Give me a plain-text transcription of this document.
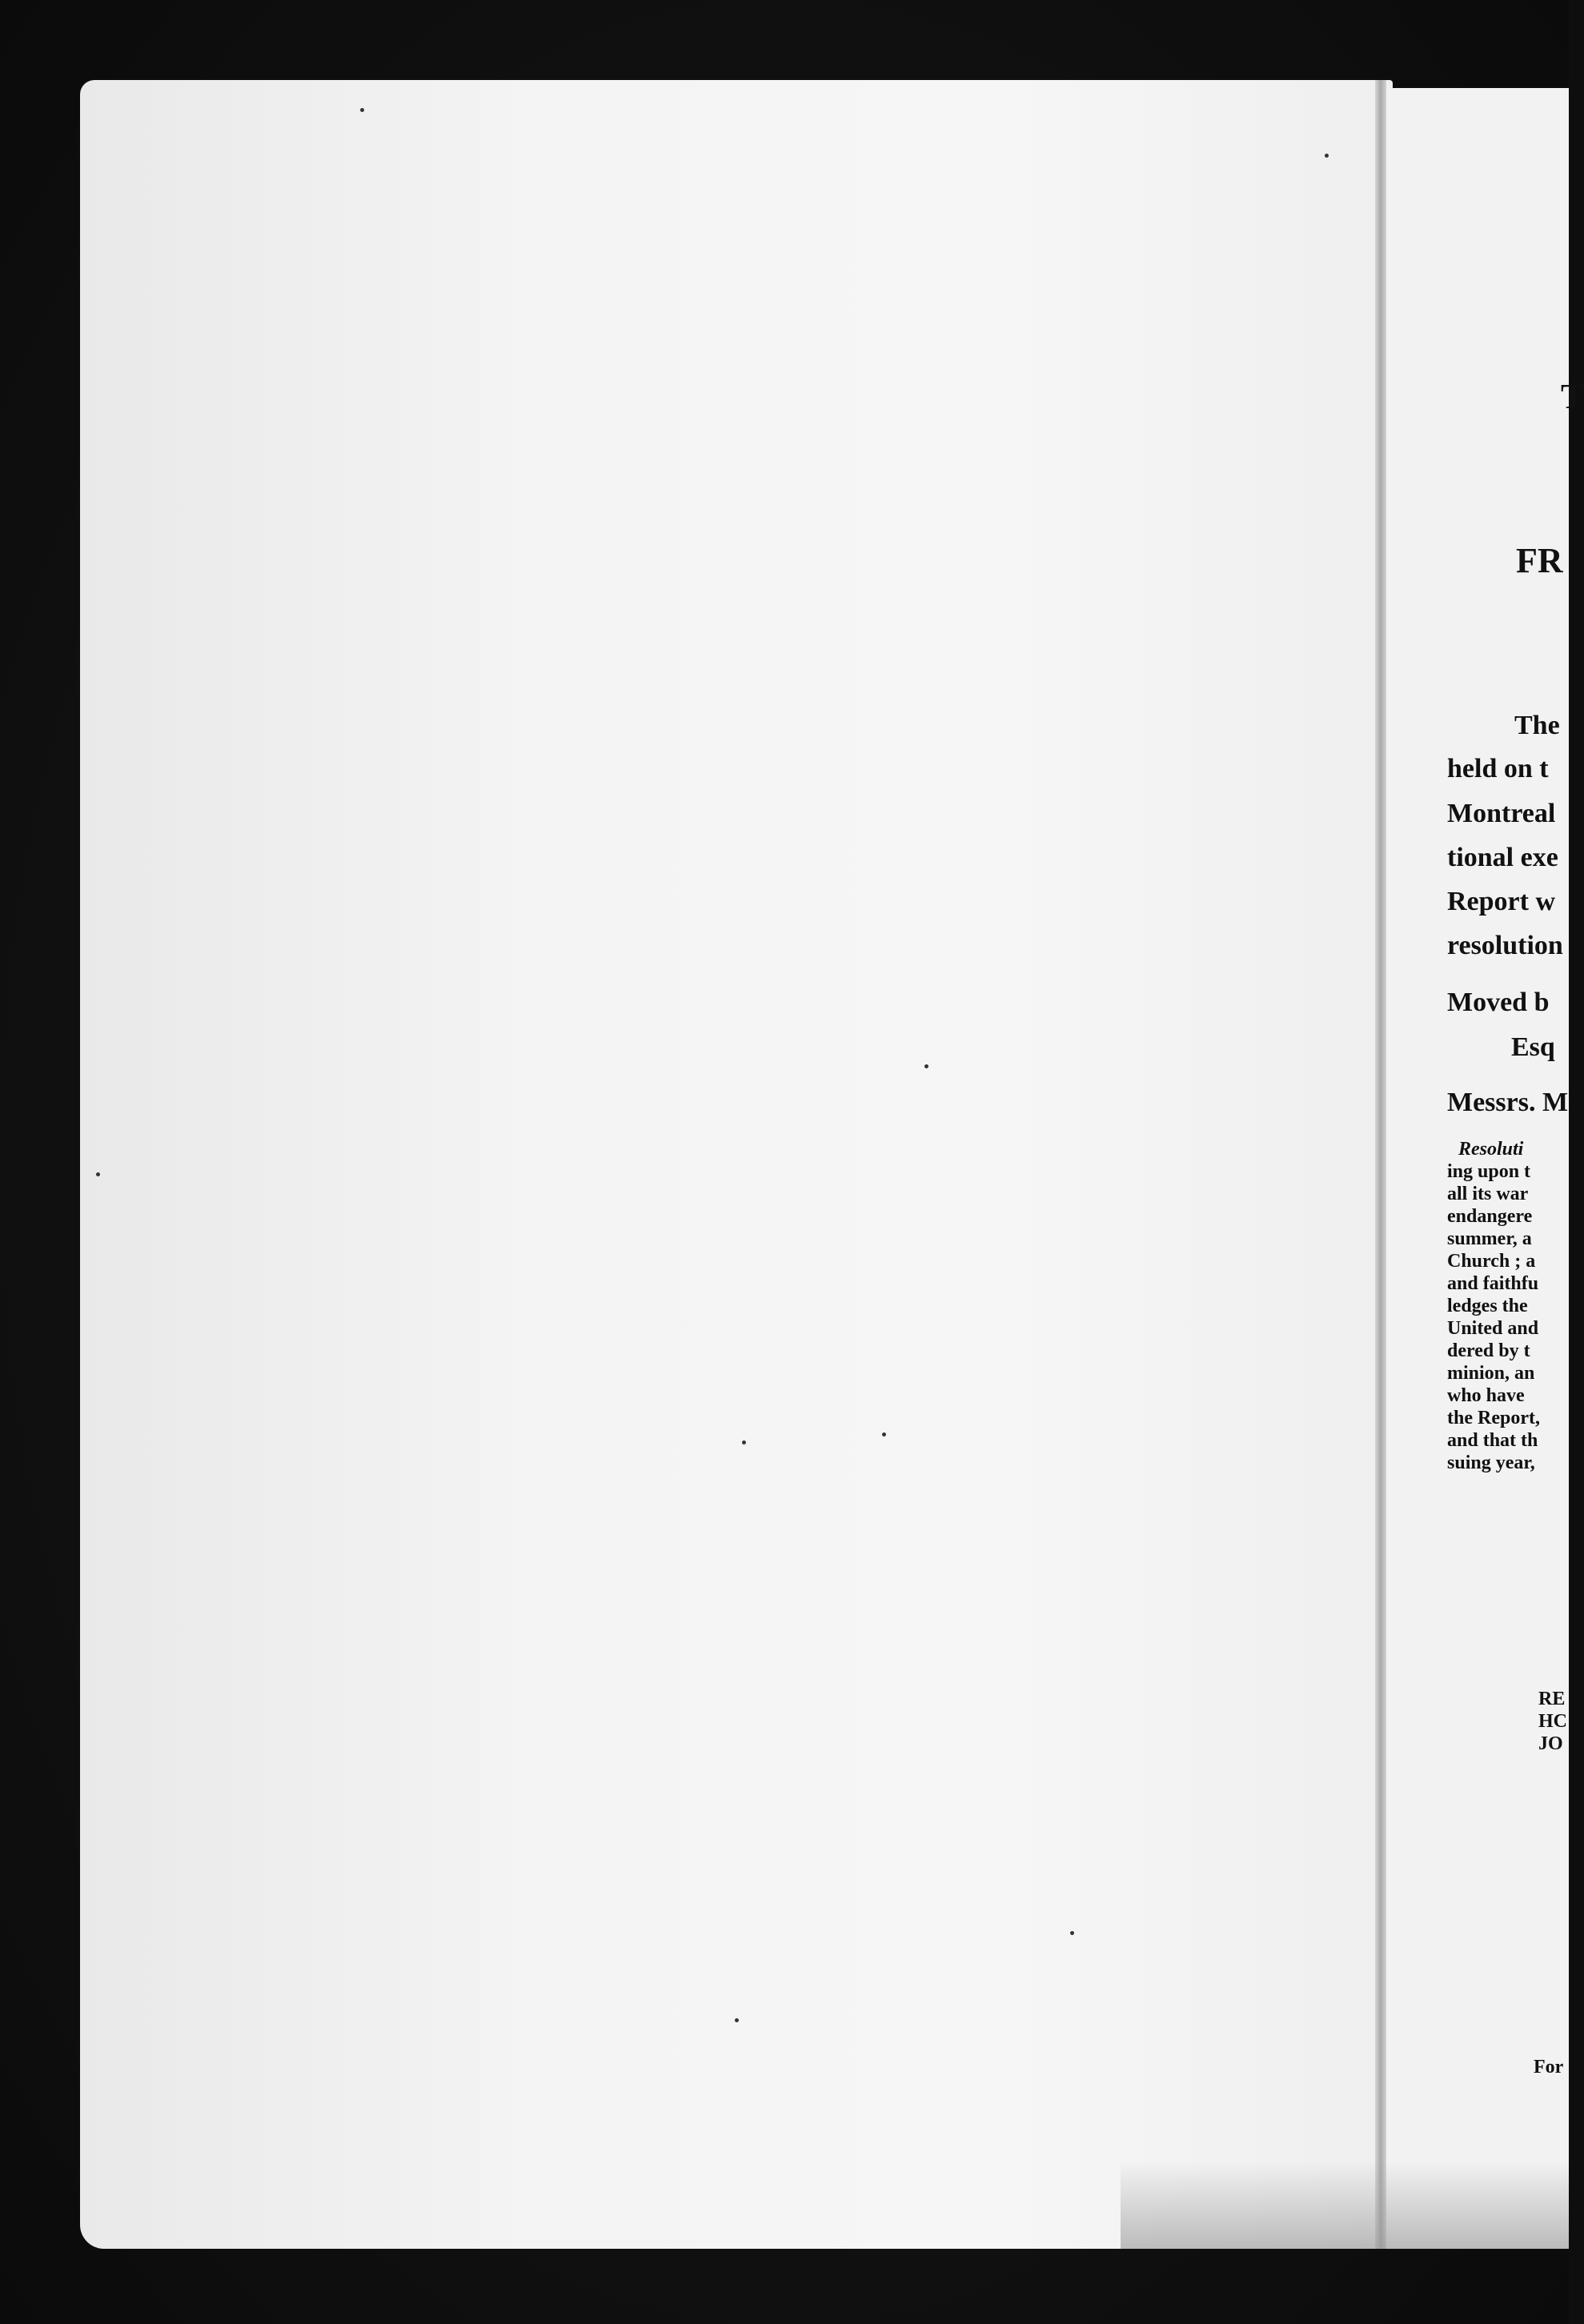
T
FR
The
held on t
Montreal
tional exe
Report w
resolution
Moved b
Esq
Messrs. M
Resoluti
ing upon t
all its war
endangere
summer, a
Church ; a
and faithfu
ledges the
United and
dered by t
minion, an
who have
the Report,
and that th
suing year,
RE
HC
JO
For
